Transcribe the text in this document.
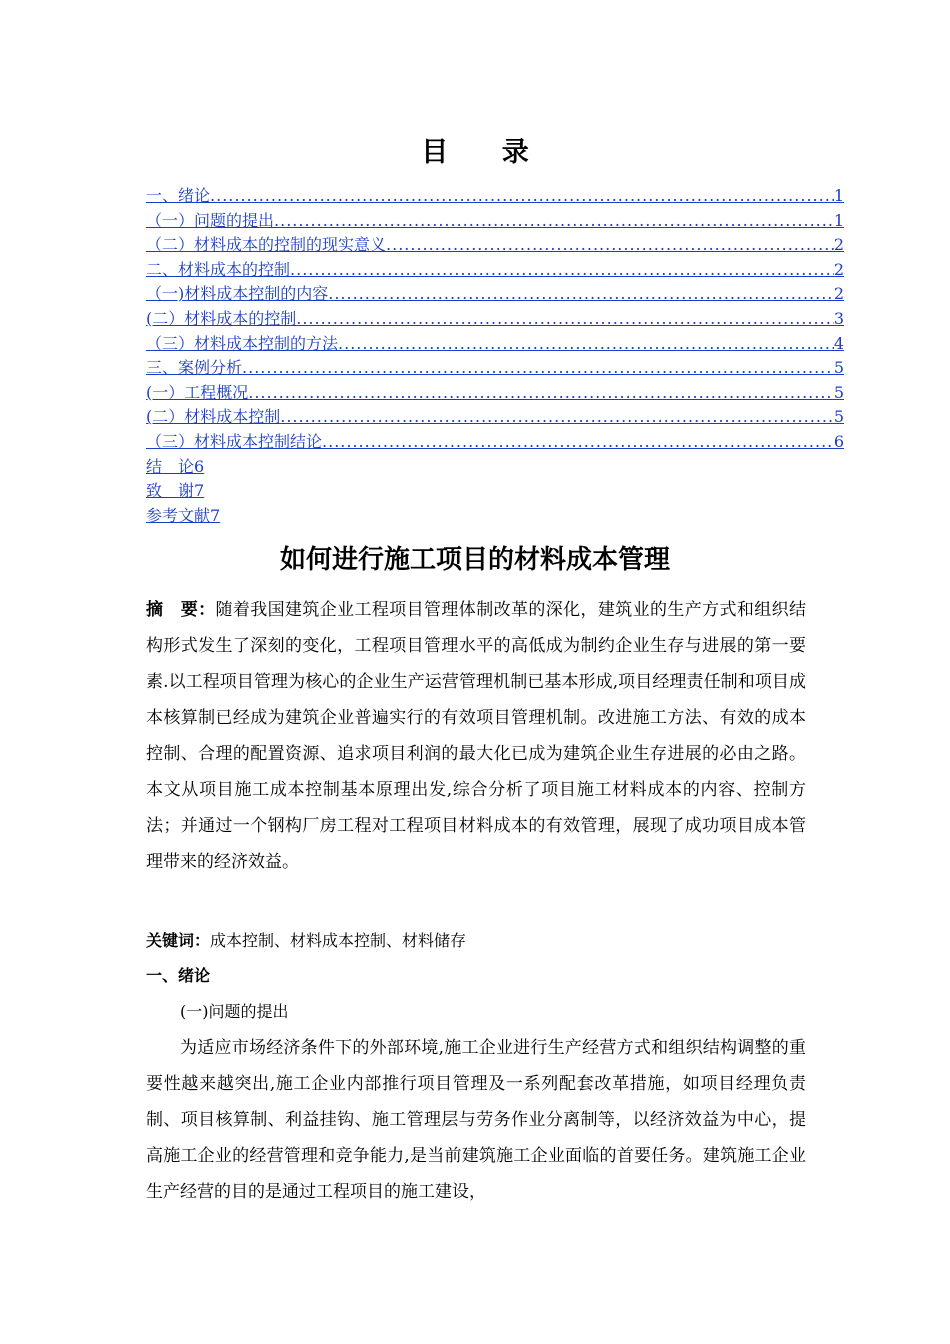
目 录
一、绪论 .....	1
（一）问题的提出 .....	1
（二）材料成本的控制的现实意义 .....	2
二、材料成本的控制 .....	2
（一)材料成本控制的内容 .....	2
(二）材料成本的控制 .....	3
（三）材料成本控制的方法 .....	4
三、案例分析 .....	5
(一）工程概况 .....	5
(二）材料成本控制 .....	5
（三）材料成本控制结论 .....	6
结　论 6
致　谢 7
参考文献 7
如何进行施工项目的材料成本管理
摘　要：随着我国建筑企业工程项目管理体制改革的深化，建筑业的生产方式和组织结构形式发生了深刻的变化，工程项目管理水平的高低成为制约企业生存与进展的第一要素.以工程项目管理为核心的企业生产运营管理机制已基本形成,项目经理责任制和项目成本核算制已经成为建筑企业普遍实行的有效项目管理机制。改进施工方法、有效的成本控制、合理的配置资源、追求项目利润的最大化已成为建筑企业生存进展的必由之路。本文从项目施工成本控制基本原理出发,综合分析了项目施工材料成本的内容、控制方法；并通过一个钢构厂房工程对工程项目材料成本的有效管理，展现了成功项目成本管理带来的经济效益。
关键词：成本控制、材料成本控制、材料储存
一、绪论
(一)问题的提出
为适应市场经济条件下的外部环境,施工企业进行生产经营方式和组织结构调整的重要性越来越突出,施工企业内部推行项目管理及一系列配套改革措施，如项目经理负责制、项目核算制、利益挂钩、施工管理层与劳务作业分离制等，以经济效益为中心，提高施工企业的经营管理和竞争能力,是当前建筑施工企业面临的首要任务。建筑施工企业生产经营的目的是通过工程项目的施工建设，
